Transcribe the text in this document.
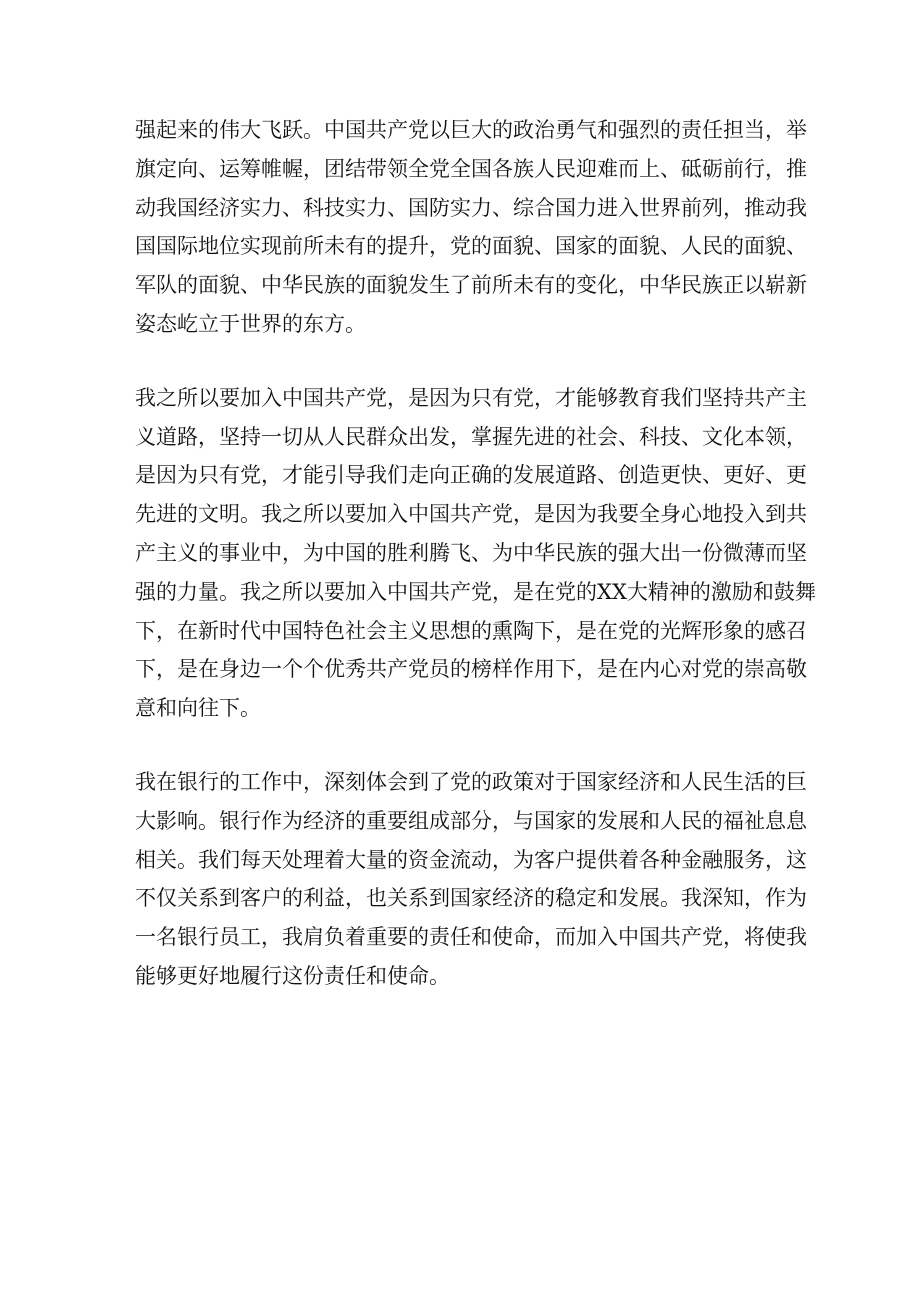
强起来的伟大飞跃。中国共产党以巨大的政治勇气和强烈的责任担当，举
旗定向、运筹帷幄，团结带领全党全国各族人民迎难而上、砥砺前行，推
动我国经济实力、科技实力、国防实力、综合国力进入世界前列，推动我
国国际地位实现前所未有的提升，党的面貌、国家的面貌、人民的面貌、
军队的面貌、中华民族的面貌发生了前所未有的变化，中华民族正以崭新
姿态屹立于世界的东方。
我之所以要加入中国共产党，是因为只有党，才能够教育我们坚持共产主
义道路，坚持一切从人民群众出发，掌握先进的社会、科技、文化本领，
是因为只有党，才能引导我们走向正确的发展道路、创造更快、更好、更
先进的文明。我之所以要加入中国共产党，是因为我要全身心地投入到共
产主义的事业中，为中国的胜利腾飞、为中华民族的强大出一份微薄而坚
强的力量。我之所以要加入中国共产党，是在党的XX大精神的激励和鼓舞
下，在新时代中国特色社会主义思想的熏陶下，是在党的光辉形象的感召
下，是在身边一个个优秀共产党员的榜样作用下，是在内心对党的崇高敬
意和向往下。
我在银行的工作中，深刻体会到了党的政策对于国家经济和人民生活的巨
大影响。银行作为经济的重要组成部分，与国家的发展和人民的福祉息息
相关。我们每天处理着大量的资金流动，为客户提供着各种金融服务，这
不仅关系到客户的利益，也关系到国家经济的稳定和发展。我深知，作为
一名银行员工，我肩负着重要的责任和使命，而加入中国共产党，将使我
能够更好地履行这份责任和使命。
